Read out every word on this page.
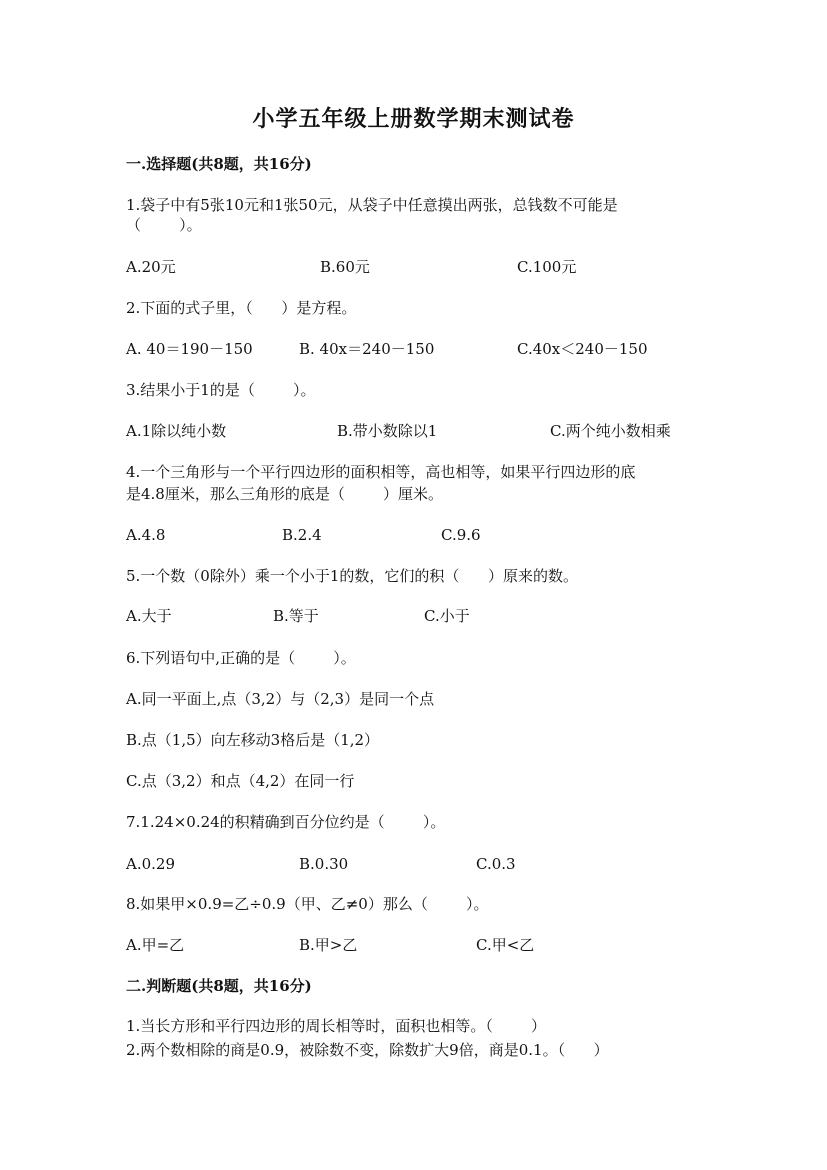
小学五年级上册数学期末测试卷
一.选择题(共8题，共16分)
1.袋子中有5张10元和1张50元，从袋子中任意摸出两张，总钱数不可能是
（        ）。
A.20元	B.60元	C.100元
2.下面的式子里，（      ）是方程。
A. 40＝190－150	B. 40x＝240－150	C.40x＜240－150
3.结果小于1的是（        ）。
A.1除以纯小数	B.带小数除以1	C.两个纯小数相乘
4.一个三角形与一个平行四边形的面积相等，高也相等，如果平行四边形的底
是4.8厘米，那么三角形的底是（        ）厘米。
A.4.8	B.2.4	C.9.6
5.一个数（0除外）乘一个小于1的数，它们的积（      ）原来的数。
A.大于	B.等于	C.小于
6.下列语句中,正确的是（        ）。
A.同一平面上,点（3,2）与（2,3）是同一个点
B.点（1,5）向左移动3格后是（1,2）
C.点（3,2）和点（4,2）在同一行
7.1.24×0.24的积精确到百分位约是（        ）。
A.0.29	B.0.30	C.0.3
8.如果甲×0.9=乙÷0.9（甲、乙≠0）那么（        ）。
A.甲=乙	B.甲>乙	C.甲<乙
二.判断题(共8题，共16分)
1.当长方形和平行四边形的周长相等时，面积也相等。（        ）
2.两个数相除的商是0.9，被除数不变，除数扩大9倍，商是0.1。（      ）
